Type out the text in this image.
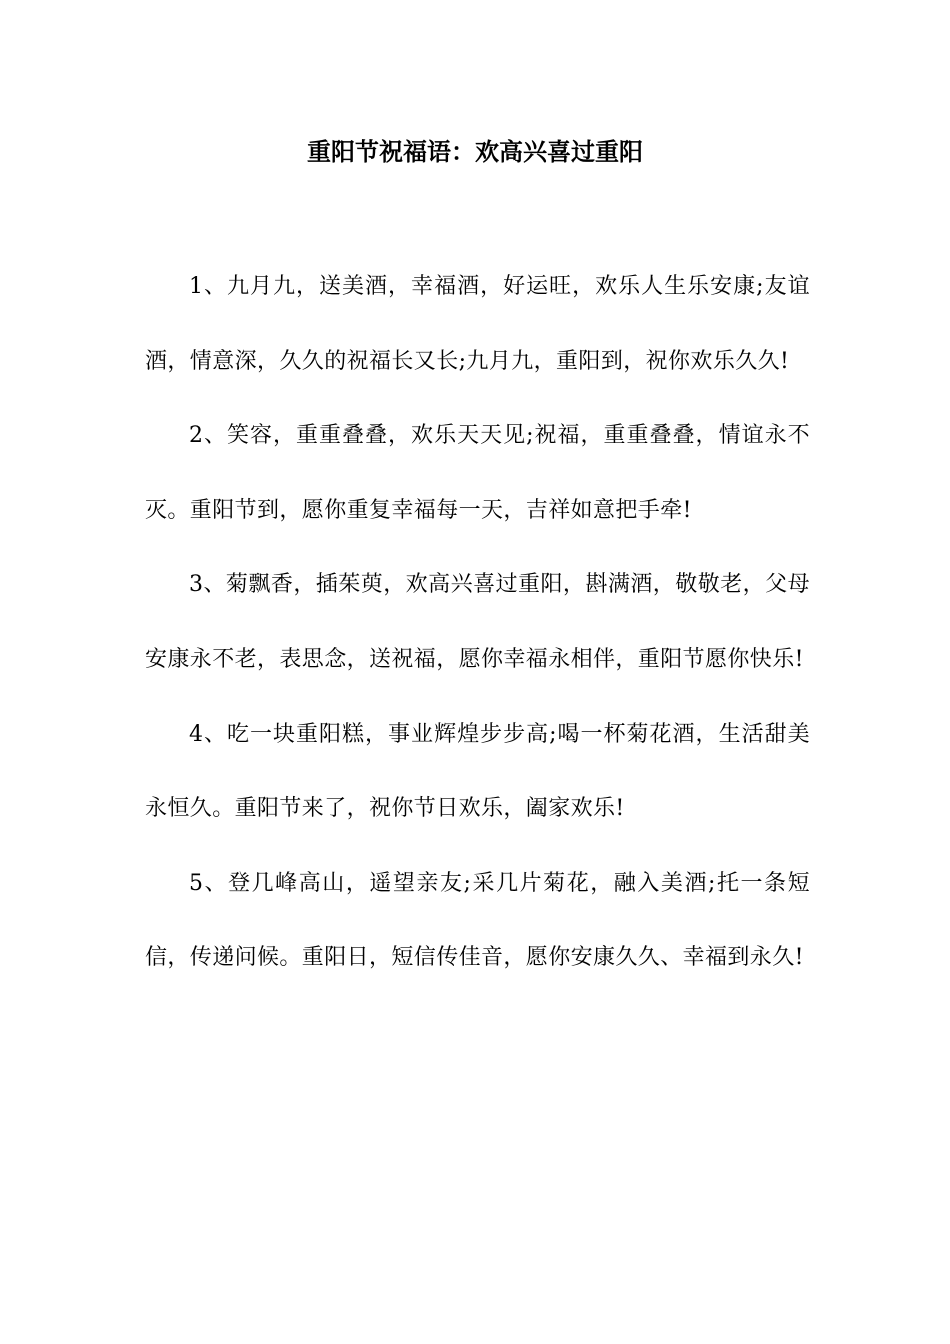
重阳节祝福语：欢高兴喜过重阳

1、九月九，送美酒，幸福酒，好运旺，欢乐人生乐安康;友谊酒，情意深，久久的祝福长又长;九月九，重阳到，祝你欢乐久久!

2、笑容，重重叠叠，欢乐天天见;祝福，重重叠叠，情谊永不灭。重阳节到，愿你重复幸福每一天，吉祥如意把手牵!

3、菊飘香，插茱萸，欢高兴喜过重阳，斟满酒，敬敬老，父母安康永不老，表思念，送祝福，愿你幸福永相伴，重阳节愿你快乐!

4、吃一块重阳糕，事业辉煌步步高;喝一杯菊花酒，生活甜美永恒久。重阳节来了，祝你节日欢乐，阖家欢乐!

5、登几峰高山，遥望亲友;采几片菊花，融入美酒;托一条短信，传递问候。重阳日，短信传佳音，愿你安康久久、幸福到永久!
